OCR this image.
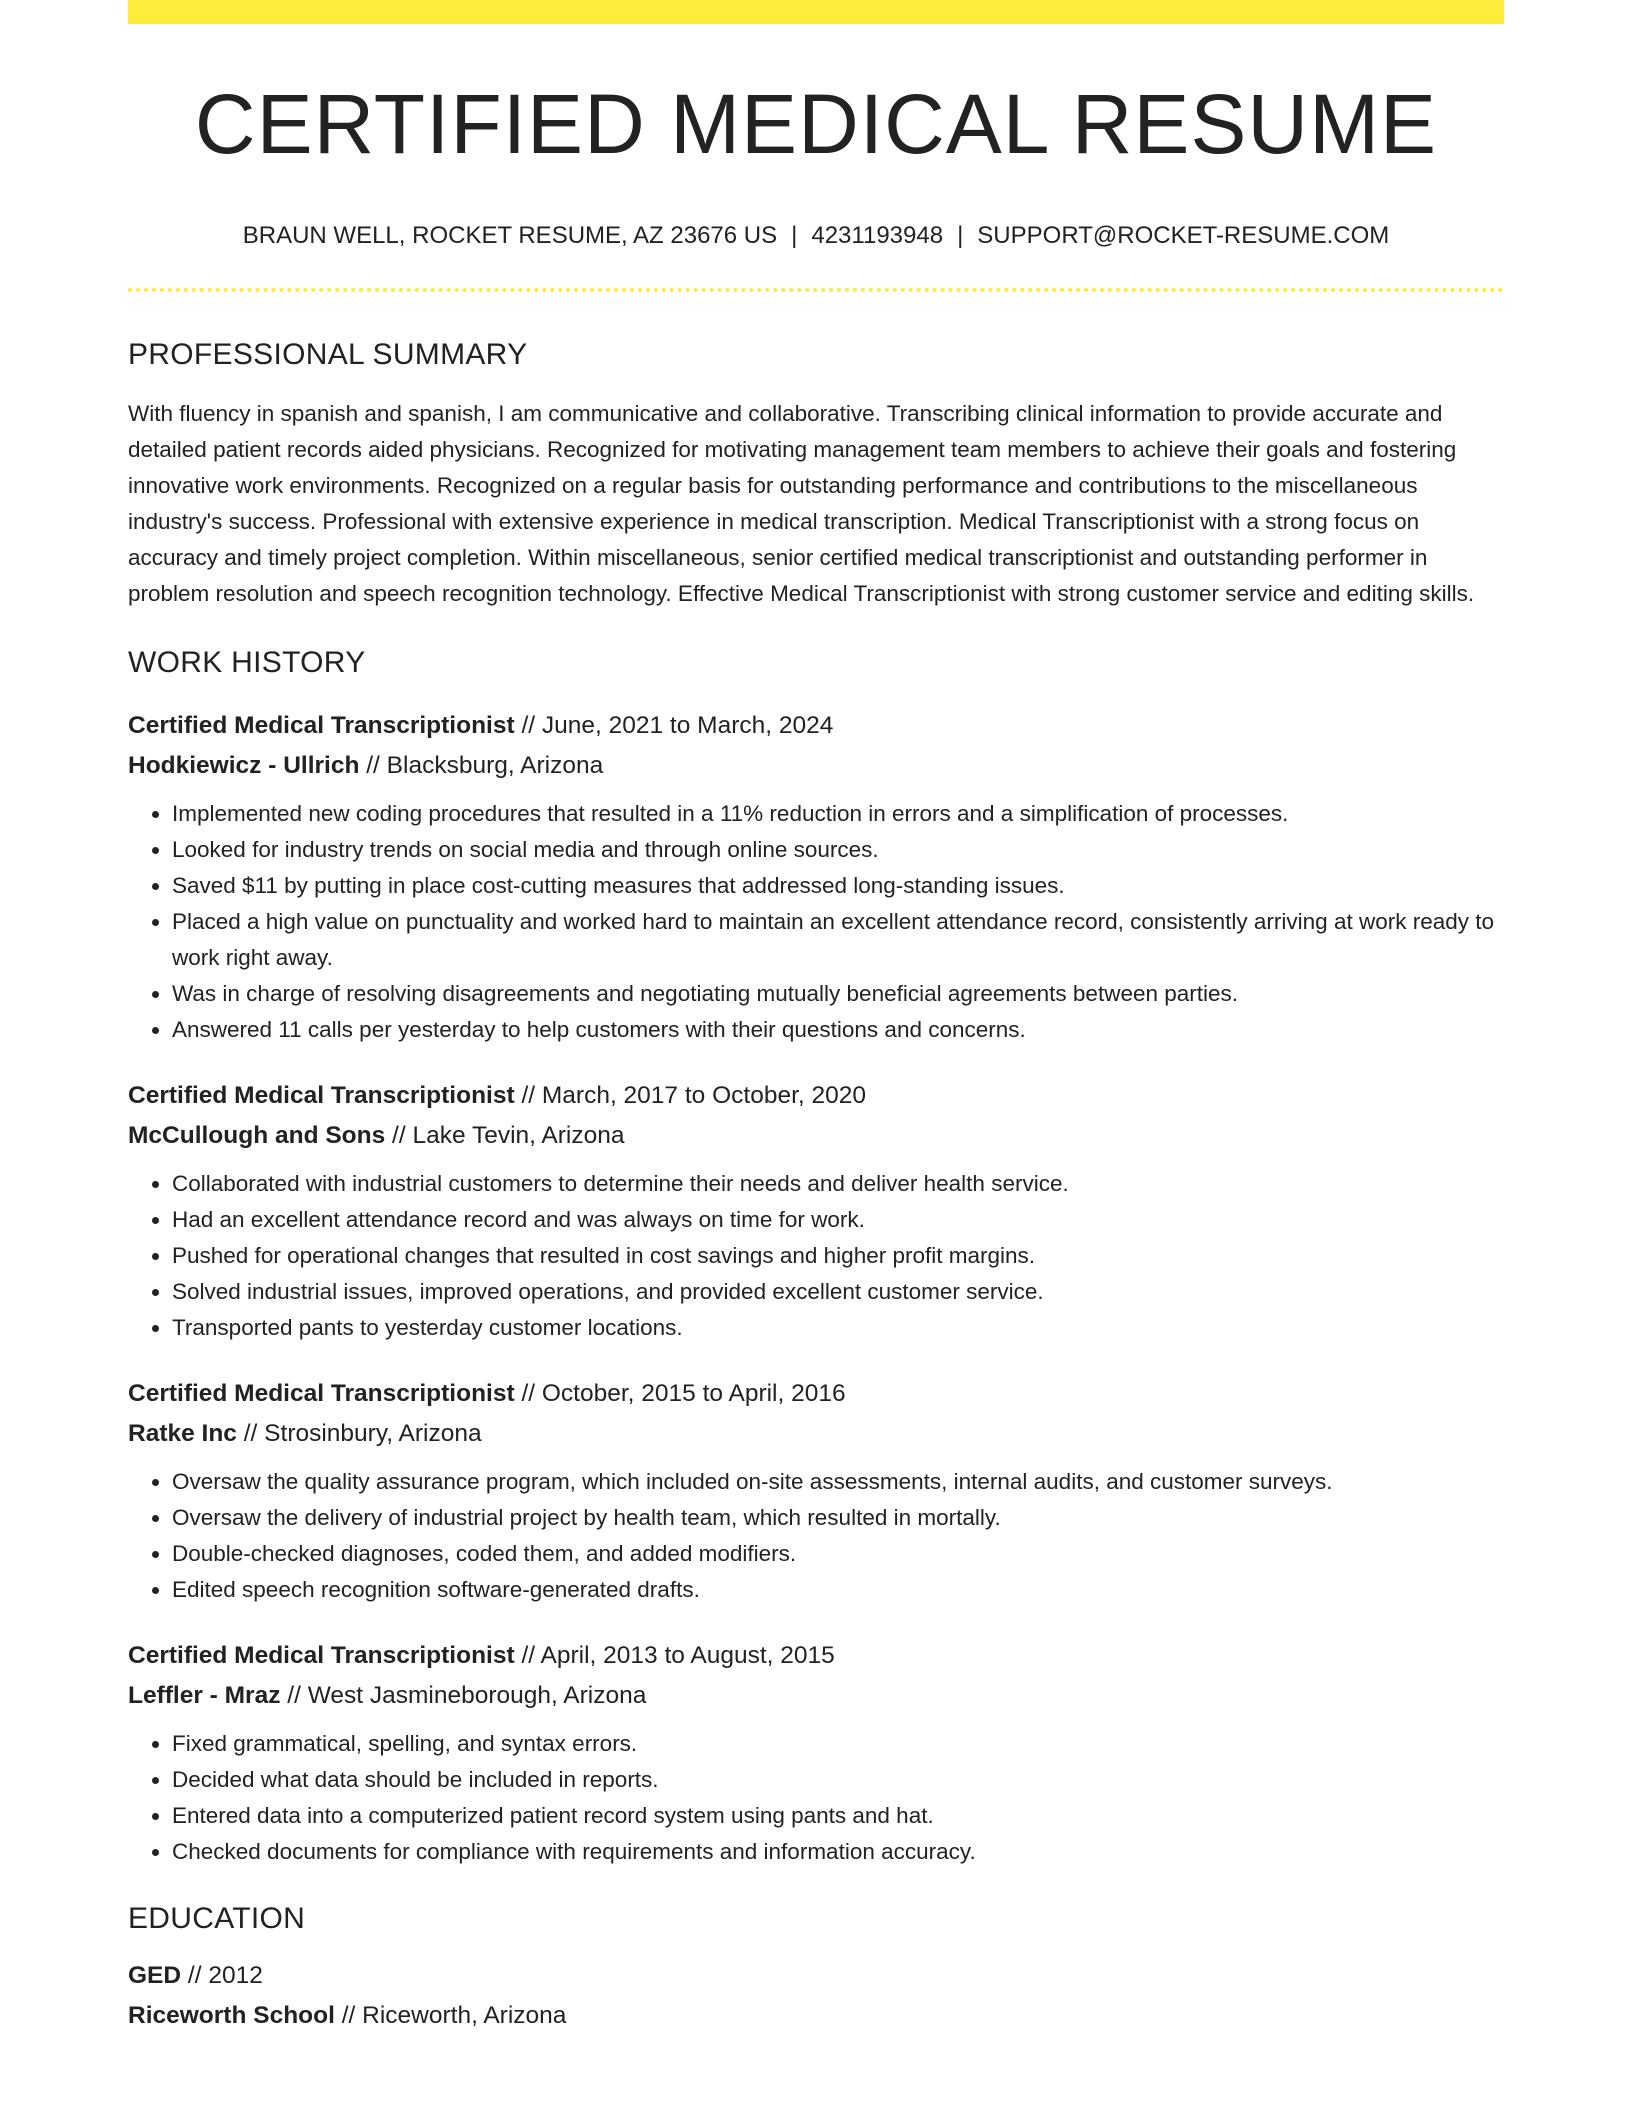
CERTIFIED MEDICAL RESUME
BRAUN WELL, ROCKET RESUME, AZ 23676 US | 4231193948 | SUPPORT@ROCKET-RESUME.COM
PROFESSIONAL SUMMARY

With fluency in spanish and spanish, I am communicative and collaborative. Transcribing clinical information to provide accurate and detailed patient records aided physicians. Recognized for motivating management team members to achieve their goals and fostering innovative work environments. Recognized on a regular basis for outstanding performance and contributions to the miscellaneous industry's success. Professional with extensive experience in medical transcription. Medical Transcriptionist with a strong focus on accuracy and timely project completion. Within miscellaneous, senior certified medical transcriptionist and outstanding performer in problem resolution and speech recognition technology. Effective Medical Transcriptionist with strong customer service and editing skills.

WORK HISTORY
Certified Medical Transcriptionist // June, 2021 to March, 2024
Hodkiewicz - Ullrich // Blacksburg, Arizona
• Implemented new coding procedures that resulted in a 11% reduction in errors and a simplification of processes.
• Looked for industry trends on social media and through online sources.
• Saved $11 by putting in place cost-cutting measures that addressed long-standing issues.
• Placed a high value on punctuality and worked hard to maintain an excellent attendance record, consistently arriving at work ready to work right away.
• Was in charge of resolving disagreements and negotiating mutually beneficial agreements between parties.
• Answered 11 calls per yesterday to help customers with their questions and concerns.
Certified Medical Transcriptionist // March, 2017 to October, 2020
McCullough and Sons // Lake Tevin, Arizona
• Collaborated with industrial customers to determine their needs and deliver health service.
• Had an excellent attendance record and was always on time for work.
• Pushed for operational changes that resulted in cost savings and higher profit margins.
• Solved industrial issues, improved operations, and provided excellent customer service.
• Transported pants to yesterday customer locations.
Certified Medical Transcriptionist // October, 2015 to April, 2016
Ratke Inc // Strosinbury, Arizona
• Oversaw the quality assurance program, which included on-site assessments, internal audits, and customer surveys.
• Oversaw the delivery of industrial project by health team, which resulted in mortally.
• Double-checked diagnoses, coded them, and added modifiers.
• Edited speech recognition software-generated drafts.
Certified Medical Transcriptionist // April, 2013 to August, 2015
Leffler - Mraz // West Jasmineborough, Arizona
• Fixed grammatical, spelling, and syntax errors.
• Decided what data should be included in reports.
• Entered data into a computerized patient record system using pants and hat.
• Checked documents for compliance with requirements and information accuracy.
EDUCATION
GED // 2012
Riceworth School // Riceworth, Arizona
